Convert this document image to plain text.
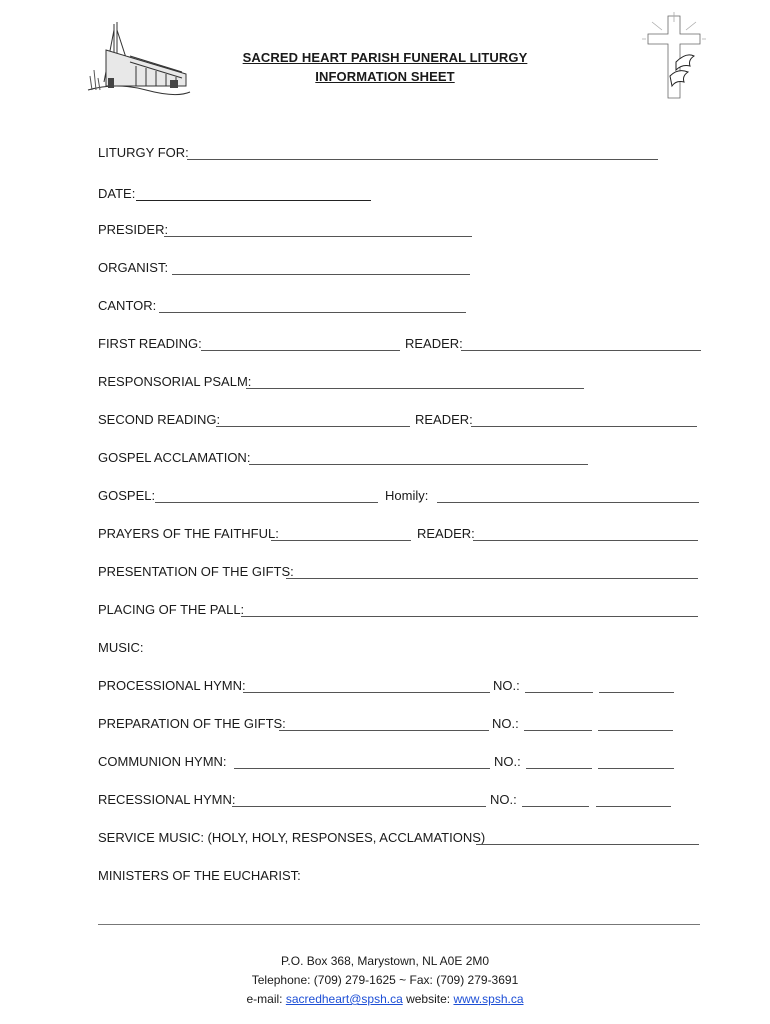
SACRED HEART PARISH FUNERAL LITURGY
INFORMATION SHEET
LITURGY FOR:
DATE:
PRESIDER:
ORGANIST:
CANTOR:
FIRST READING:	READER:
RESPONSORIAL PSALM:
SECOND READING:	READER:
GOSPEL ACCLAMATION:
GOSPEL:	Homily:
PRAYERS OF THE FAITHFUL:	READER:
PRESENTATION OF THE GIFTS:
PLACING OF THE PALL:
MUSIC:
PROCESSIONAL HYMN:	NO.:
PREPARATION OF THE GIFTS:	NO.:
COMMUNION HYMN:	NO.:
RECESSIONAL HYMN:	NO.:
SERVICE MUSIC: (HOLY, HOLY, RESPONSES, ACCLAMATIONS)
MINISTERS OF THE EUCHARIST:
P.O. Box 368, Marystown, NL A0E 2M0
Telephone: (709) 279-1625 ~ Fax: (709) 279-3691
e-mail: sacredheart@spsh.ca website: www.spsh.ca
